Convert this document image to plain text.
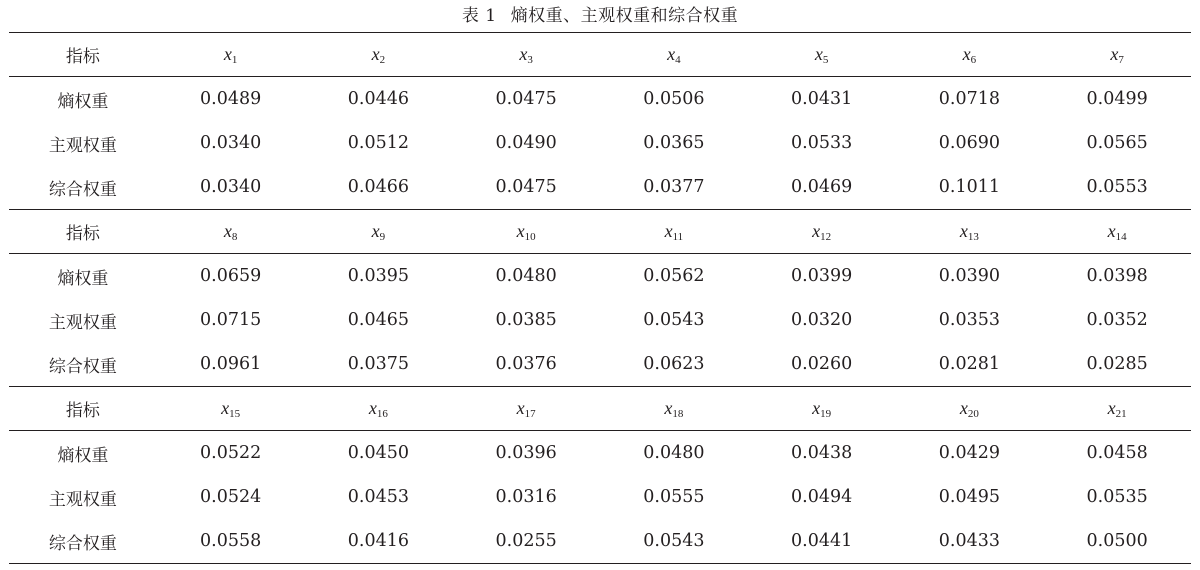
表 1 熵权重、主观权重和综合权重
指标	$x_1$	$x_2$	$x_3$	$x_4$	$x_5$	$x_6$	$x_7$
熵权重	0.0489	0.0446	0.0475	0.0506	0.0431	0.0718	0.0499
主观权重	0.0340	0.0512	0.0490	0.0365	0.0533	0.0690	0.0565
综合权重	0.0340	0.0466	0.0475	0.0377	0.0469	0.1011	0.0553
指标	$x_8$	$x_9$	$x_{10}$	$x_{11}$	$x_{12}$	$x_{13}$	$x_{14}$
熵权重	0.0659	0.0395	0.0480	0.0562	0.0399	0.0390	0.0398
主观权重	0.0715	0.0465	0.0385	0.0543	0.0320	0.0353	0.0352
综合权重	0.0961	0.0375	0.0376	0.0623	0.0260	0.0281	0.0285
指标	$x_{15}$	$x_{16}$	$x_{17}$	$x_{18}$	$x_{19}$	$x_{20}$	$x_{21}$
熵权重	0.0522	0.0450	0.0396	0.0480	0.0438	0.0429	0.0458
主观权重	0.0524	0.0453	0.0316	0.0555	0.0494	0.0495	0.0535
综合权重	0.0558	0.0416	0.0255	0.0543	0.0441	0.0433	0.0500
